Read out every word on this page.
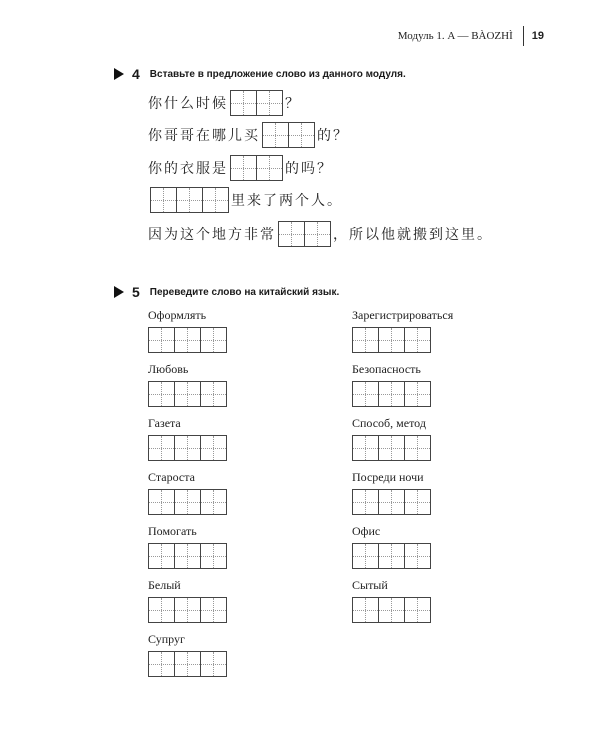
Модуль 1. A — BÀOZHÌ 19
4 Вставьте в предложение слово из данного модуля.
你什么时候	？
你哥哥在哪儿买	的？
你的衣服是	的吗？
里来了两个人。
因为这个地方非常	，所以他就搬到这里。
5 Переведите слово на китайский язык.
Оформлять
Любовь
Газета
Староста
Помогать
Белый
Супруг
Зарегистрироваться
Безопасность
Способ, метод
Посреди ночи
Офис
Сытый
